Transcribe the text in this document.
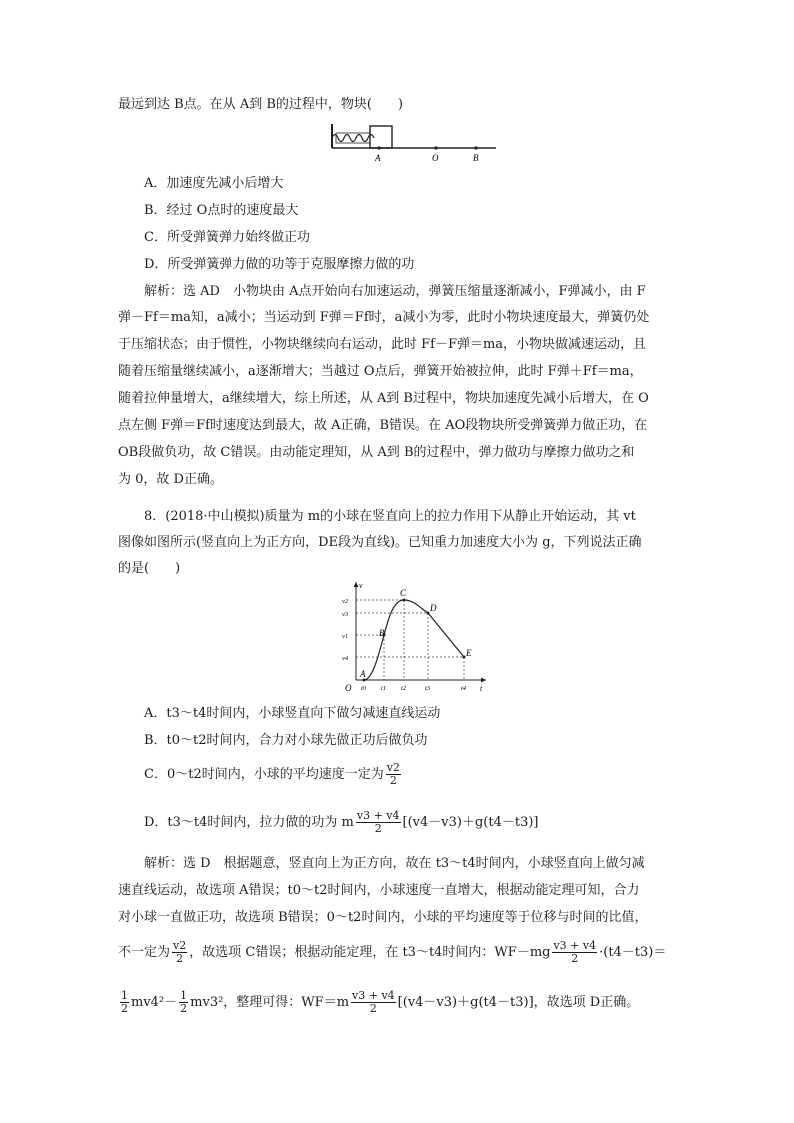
最远到达 B点。在从 A到 B的过程中，物块(　　)
A	O	B
A．加速度先减小后增大
B．经过 O点时的速度最大
C．所受弹簧弹力始终做正功
D．所受弹簧弹力做的功等于克服摩擦力做的功
解析：选 AD　小物块由 A点开始向右加速运动，弹簧压缩量逐渐减小，F弹减小，由 F
弹－Ff＝ma知，a减小；当运动到 F弹＝Ff时，a减小为零，此时小物块速度最大，弹簧仍处
于压缩状态；由于惯性，小物块继续向右运动，此时 Ff－F弹＝ma，小物块做减速运动，且
随着压缩量继续减小，a逐渐增大；当越过 O点后，弹簧开始被拉伸，此时 F弹＋Ff＝ma，
随着拉伸量增大，a继续增大，综上所述，从 A到 B过程中，物块加速度先减小后增大，在 O
点左侧 F弹＝Ff时速度达到最大，故 A正确，B错误。在 AO段物块所受弹簧弹力做正功，在
OB段做负功，故 C错误。由动能定理知，从 A到 B的过程中，弹力做功与摩擦力做功之和
为 0，故 D正确。
8．(2018·中山模拟)质量为 m的小球在竖直向上的拉力作用下从静止开始运动，其 vt
图像如图所示(竖直向上为正方向，DE段为直线)。已知重力加速度大小为 g，下列说法正确
的是(　　)
v
t
O
A
B
C
D
E
v2
v3
v1
v4
t0 t1 t2	t3	t4
A．t3～t4时间内，小球竖直向下做匀减速直线运动
B．t0～t2时间内，合力对小球先做正功后做负功
C．0～t2时间内，小球的平均速度一定为 $\frac{v2}{2}$
D．t3～t4时间内，拉力做的功为 m $\frac{v3 + v4}{2} [(v4-v3)+g(t4-t3)]$
解析：选 D　根据题意，竖直向上为正方向，故在 t3～t4时间内，小球竖直向上做匀减
速直线运动，故选项 A错误；t0～t2时间内，小球速度一直增大，根据动能定理可知，合力
对小球一直做正功，故选项 B错误；0～t2时间内，小球的平均速度等于位移与时间的比值，
不一定为 $\frac{v2}{2}$ ，故选项 C错误；根据动能定理，在 t3～t4时间内：$WF-mg \frac{v3 + v4}{2} \cdot(t4-t3)=$
$\frac{1}{2} mv4^2- \frac{1}{2} mv3^2$，整理可得：$WF=m \frac{v3 + v4}{2} [(v4-v3)+g(t4-t3)]$，故选项 D正确。
